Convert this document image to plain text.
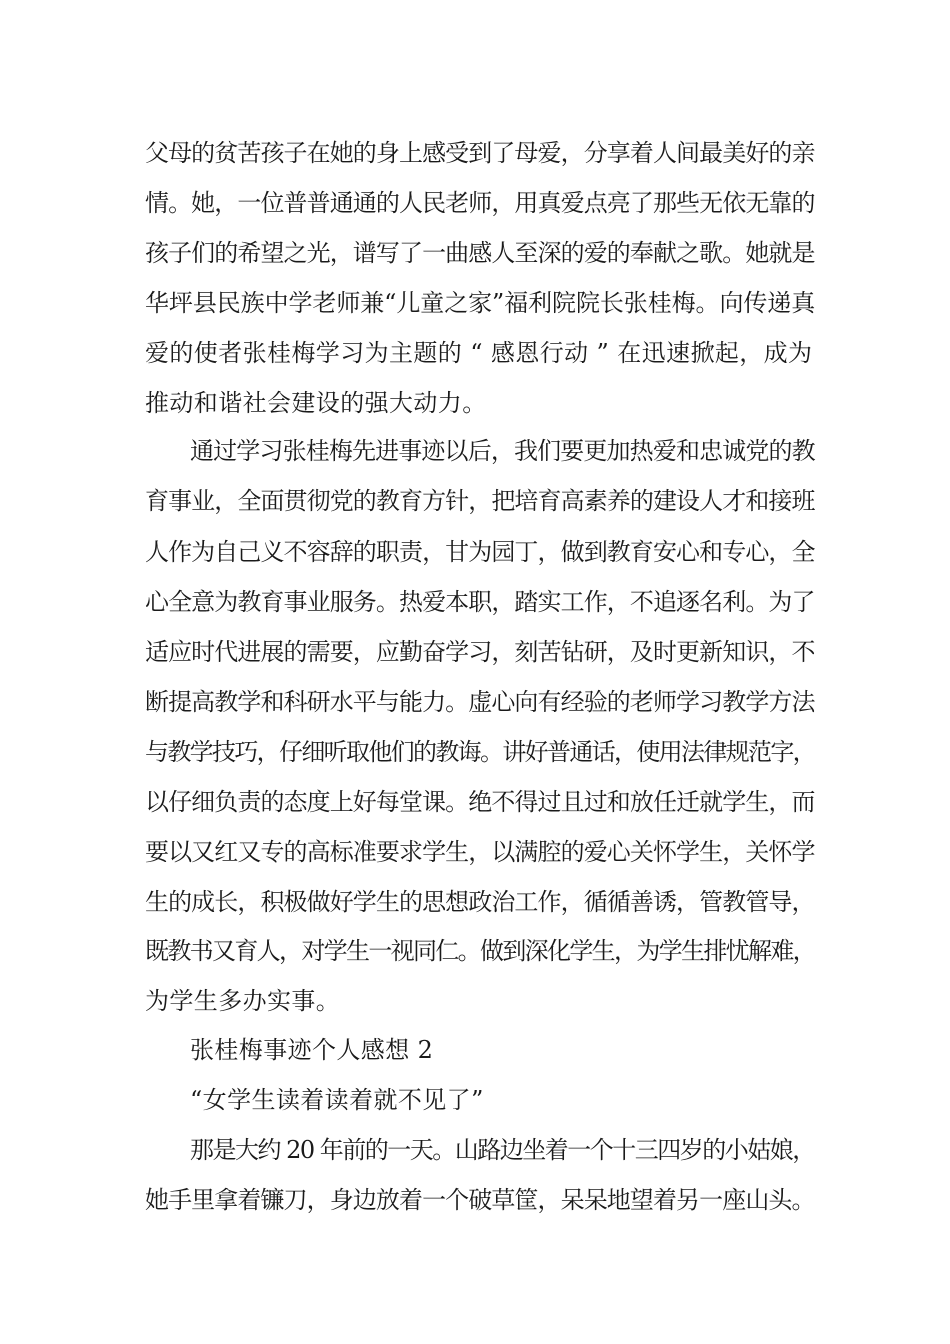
父母的贫苦孩子在她的身上感受到了母爱，分享着人间最美好的亲
情。她，一位普普通通的人民老师，用真爱点亮了那些无依无靠的
孩子们的希望之光，谱写了一曲感人至深的爱的奉献之歌。她就是
华坪县民族中学老师兼“儿童之家”福利院院长张桂梅。向传递真
爱的使者张桂梅学习为主题的 “ 感恩行动 ” 在迅速掀起，成为
推动和谐社会建设的强大动力。
通过学习张桂梅先进事迹以后，我们要更加热爱和忠诚党的教
育事业，全面贯彻党的教育方针，把培育高素养的建设人才和接班
人作为自己义不容辞的职责，甘为园丁，做到教育安心和专心，全
心全意为教育事业服务。热爱本职，踏实工作，不追逐名利。为了
适应时代进展的需要，应勤奋学习，刻苦钻研，及时更新知识，不
断提高教学和科研水平与能力。虚心向有经验的老师学习教学方法
与教学技巧，仔细听取他们的教诲。讲好普通话，使用法律规范字，
以仔细负责的态度上好每堂课。绝不得过且过和放任迁就学生，而
要以又红又专的高标准要求学生，以满腔的爱心关怀学生，关怀学
生的成长，积极做好学生的思想政治工作，循循善诱，管教管导，
既教书又育人，对学生一视同仁。做到深化学生，为学生排忧解难，
为学生多办实事。
张桂梅事迹个人感想 2
“女学生读着读着就不见了”
那是大约 20 年前的一天。山路边坐着一个十三四岁的小姑娘，
她手里拿着镰刀，身边放着一个破草筐，呆呆地望着另一座山头。
